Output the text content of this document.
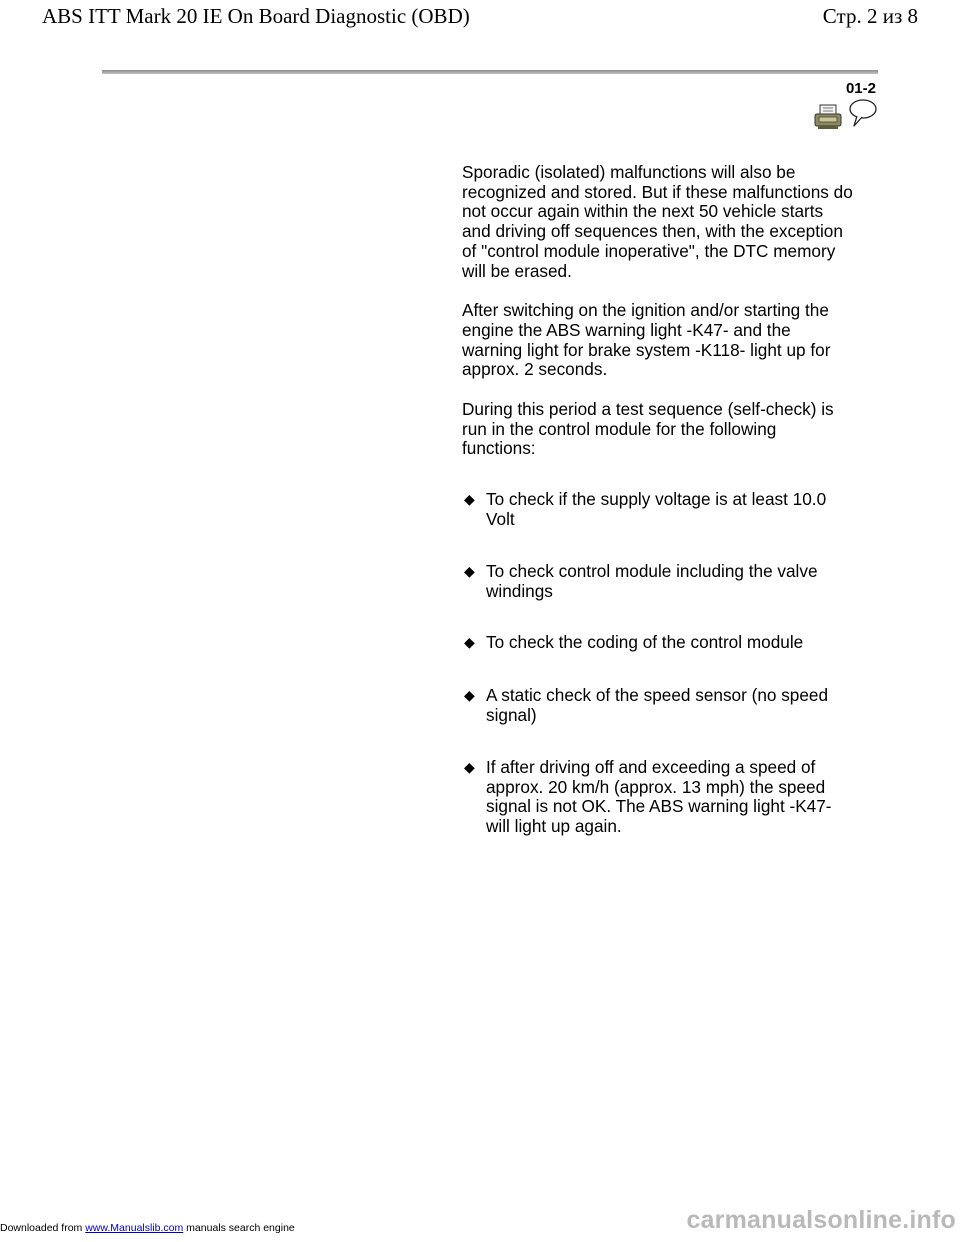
ABS ITT Mark 20 IE On Board Diagnostic (OBD)	Стр. 2 из 8
01-2

Sporadic (isolated) malfunctions will also be recognized and stored. But if these malfunctions do not occur again within the next 50 vehicle starts and driving off sequences then, with the exception of "control module inoperative", the DTC memory will be erased.

After switching on the ignition and/or starting the engine the ABS warning light -K47- and the warning light for brake system -K118- light up for approx. 2 seconds.

During this period a test sequence (self-check) is run in the control module for the following functions:

◆ To check if the supply voltage is at least 10.0 Volt
◆ To check control module including the valve windings
◆ To check the coding of the control module
◆ A static check of the speed sensor (no speed signal)
◆ If after driving off and exceeding a speed of approx. 20 km/h (approx. 13 mph) the speed signal is not OK. The ABS warning light -K47- will light up again.
Downloaded from www.Manualslib.com manuals search engine	carmanualsonline.info
